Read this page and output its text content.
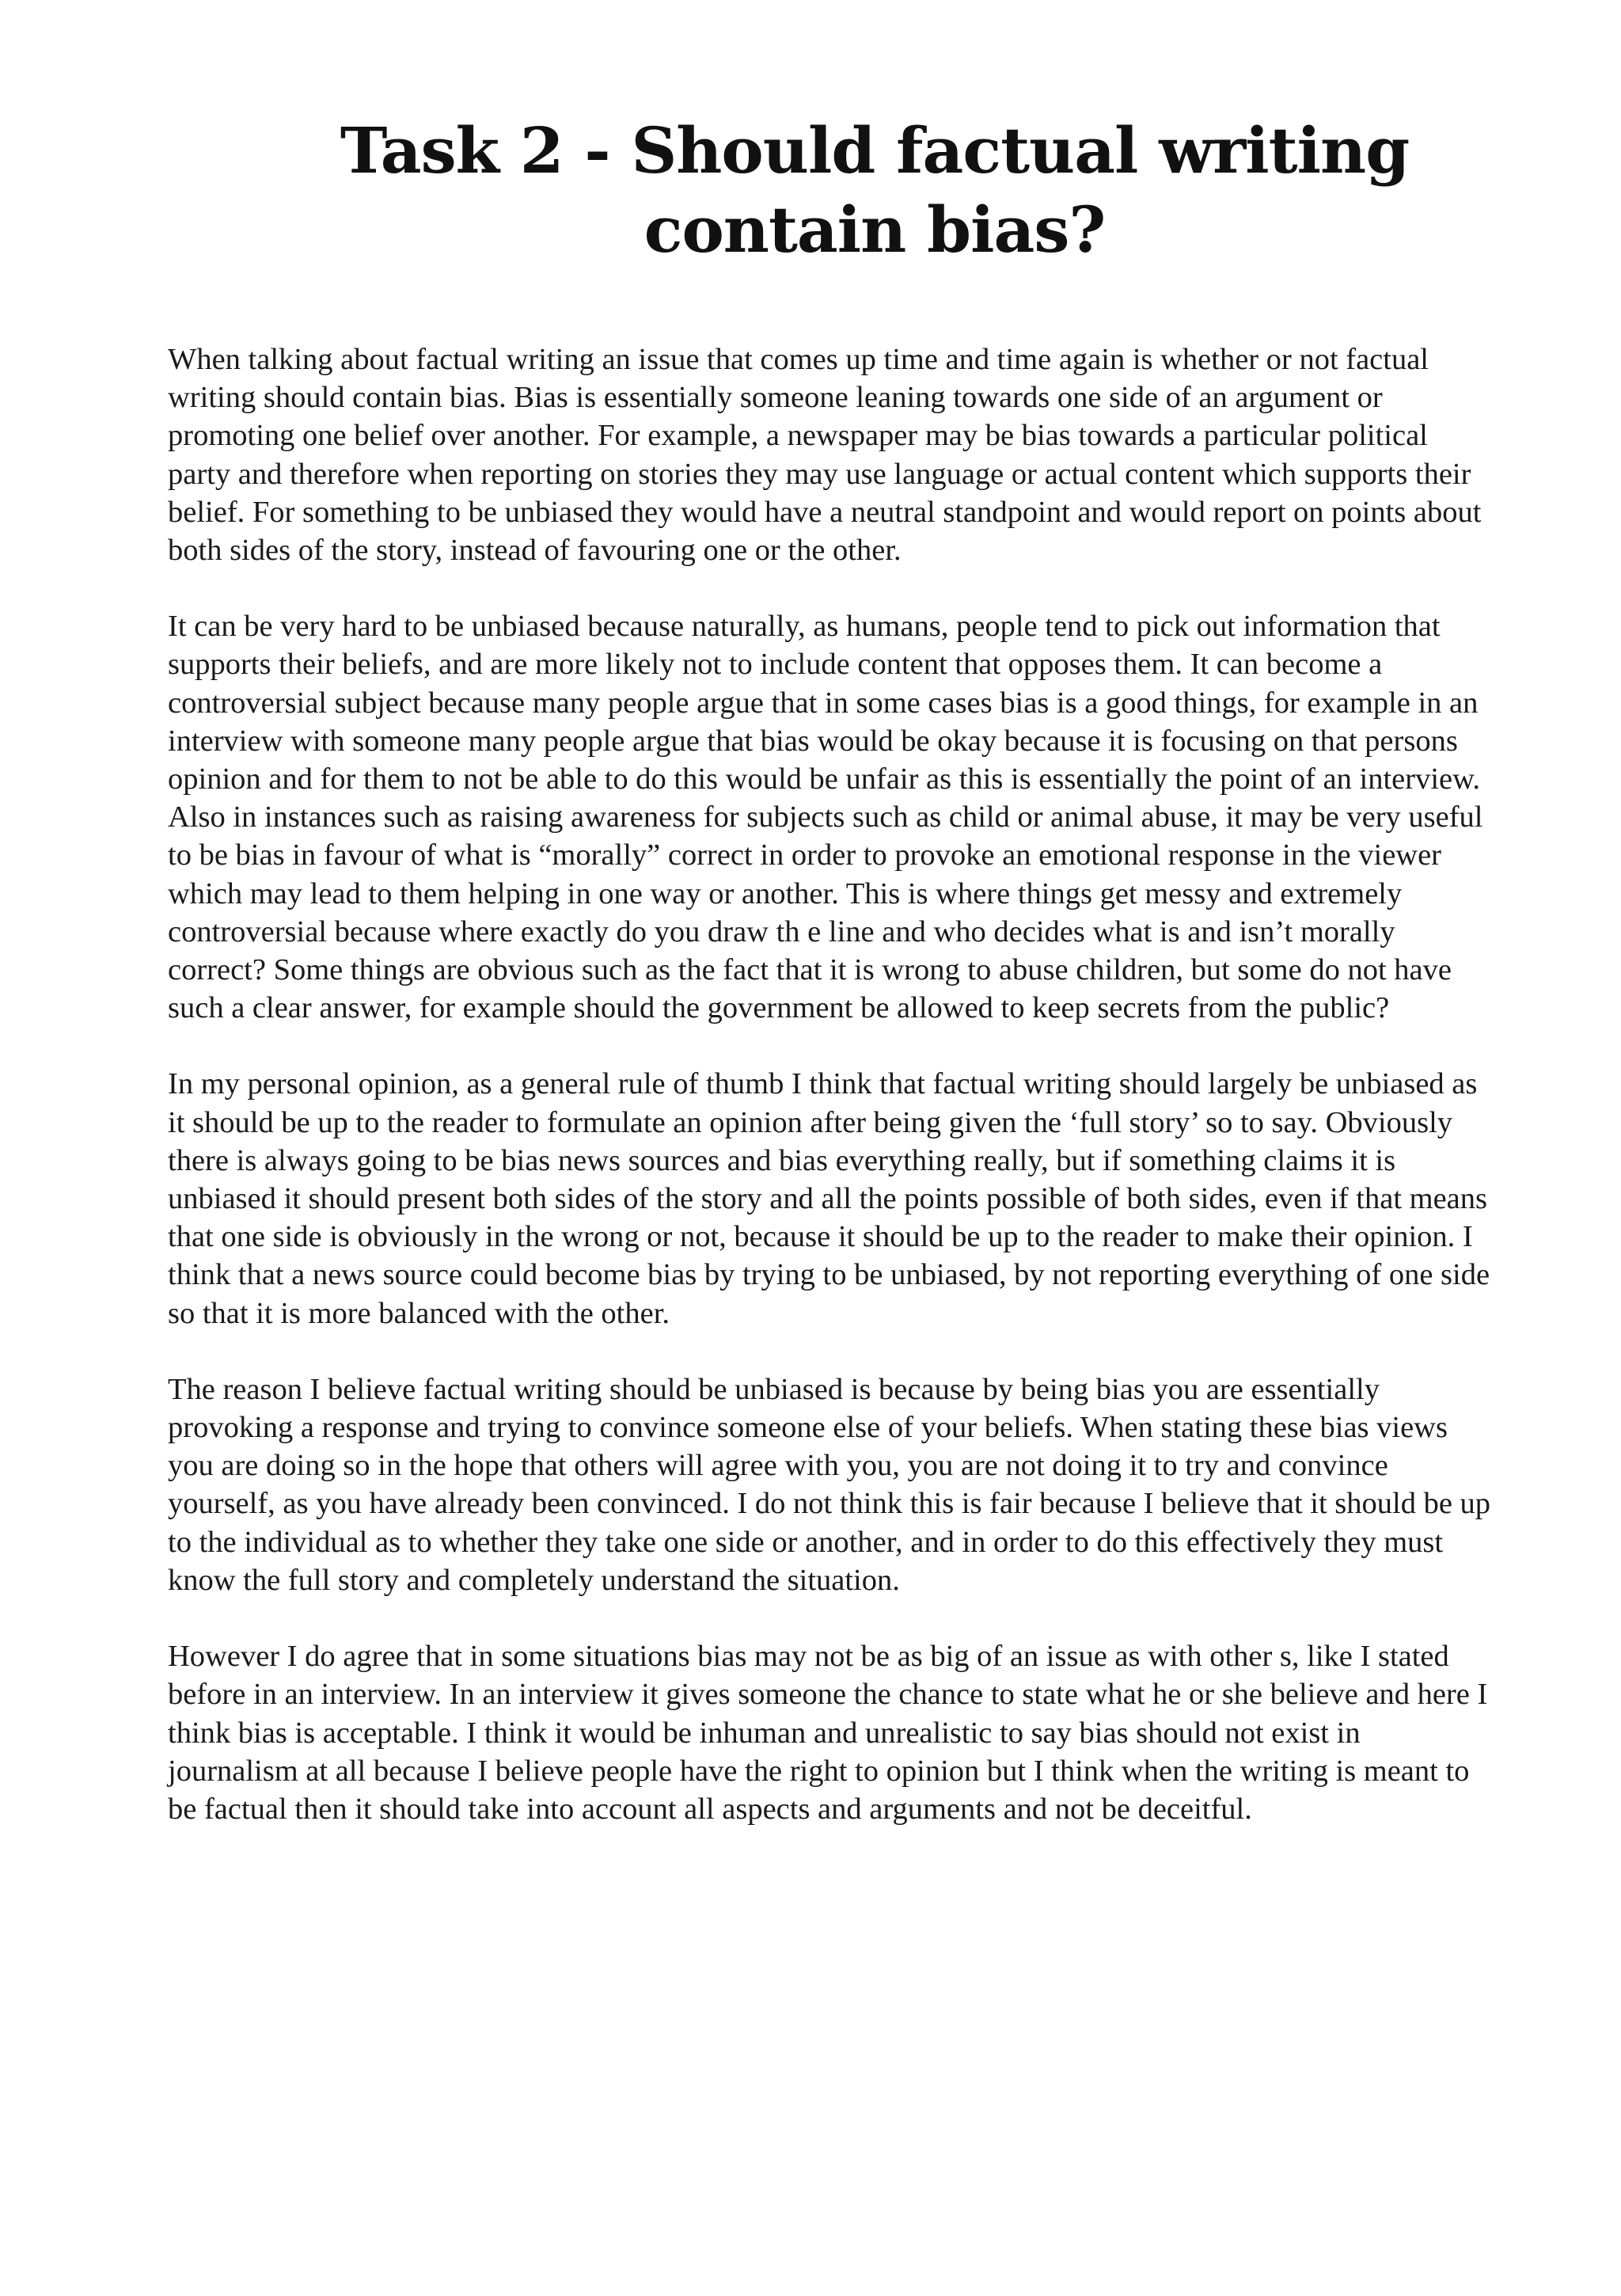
Task 2 - Should factual writing contain bias?

When talking about factual writing an issue that comes up time and time again is whether or not factual writing should contain bias. Bias is essentially someone leaning towards one side of an argument or promoting one belief over another. For example, a newspaper may be bias towards a particular political party and therefore when reporting on stories they may use language or actual content which supports their belief. For something to be unbiased they would have a neutral standpoint and would report on points about both sides of the story, instead of favouring one or the other.

It can be very hard to be unbiased because naturally, as humans, people tend to pick out information that supports their beliefs, and are more likely not to include content that opposes them. It can become a controversial subject because many people argue that in some cases bias is a good things, for example in an interview with someone many people argue that bias would be okay because it is focusing on that persons opinion and for them to not be able to do this would be unfair as this is essentially the point of an interview. Also in instances such as raising awareness for subjects such as child or animal abuse, it may be very useful to be bias in favour of what is “morally” correct in order to provoke an emotional response in the viewer which may lead to them helping in one way or another. This is where things get messy and extremely controversial because where exactly do you draw th e line and who decides what is and isn’t morally correct? Some things are obvious such as the fact that it is wrong to abuse children, but some do not have such a clear answer, for example should the government be allowed to keep secrets from the public?

In my personal opinion, as a general rule of thumb I think that factual writing should largely be unbiased as it should be up to the reader to formulate an opinion after being given the ‘full story’ so to say. Obviously there is always going to be bias news sources and bias everything really, but if something claims it is unbiased it should present both sides of the story and all the points possible of both sides, even if that means that one side is obviously in the wrong or not, because it should be up to the reader to make their opinion. I think that a news source could become bias by trying to be unbiased, by not reporting everything of one side so that it is more balanced with the other.

The reason I believe factual writing should be unbiased is because by being bias you are essentially provoking a response and trying to convince someone else of your beliefs. When stating these bias views you are doing so in the hope that others will agree with you, you are not doing it to try and convince yourself, as you have already been convinced. I do not think this is fair because I believe that it should be up to the individual as to whether they take one side or another, and in order to do this effectively they must know the full story and completely understand the situation.

However I do agree that in some situations bias may not be as big of an issue as with other s, like I stated before in an interview. In an interview it gives someone the chance to state what he or she believe and here I think bias is acceptable. I think it would be inhuman and unrealistic to say bias should not exist in journalism at all because I believe people have the right to opinion but I think when the writing is meant to be factual then it should take into account all aspects and arguments and not be deceitful.
